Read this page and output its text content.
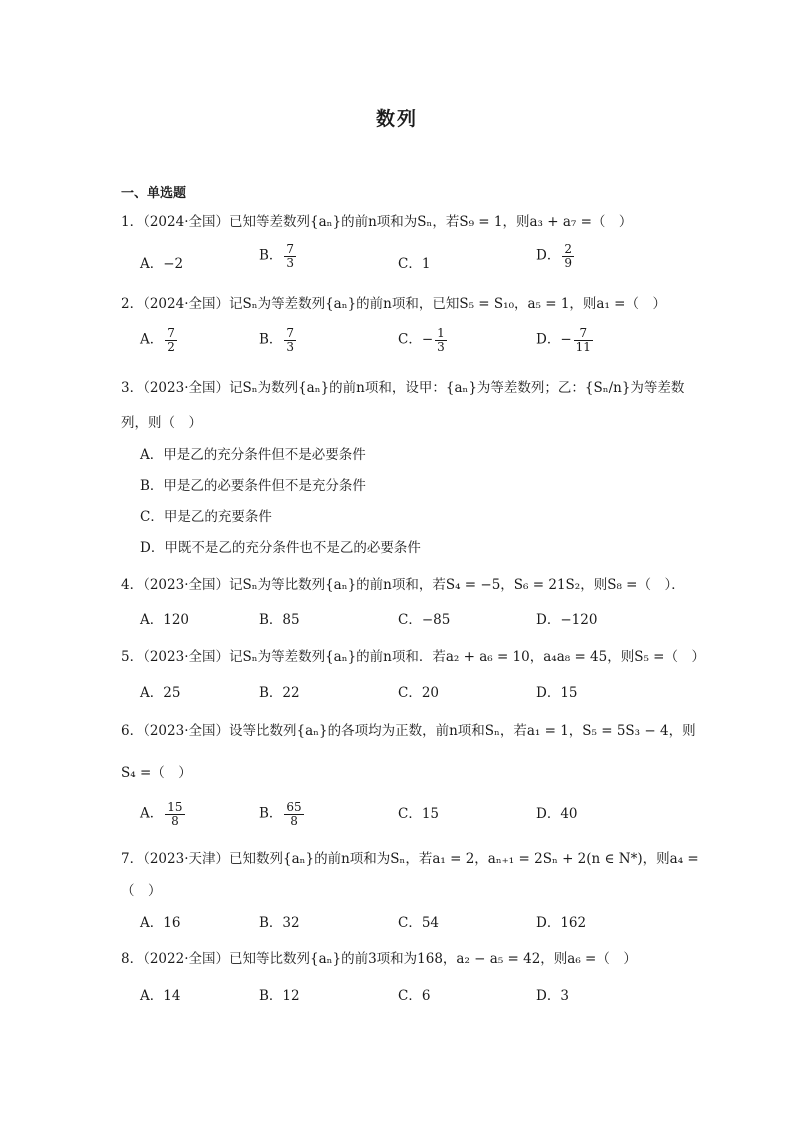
数列
一、单选题
1．（2024·全国）已知等差数列{aₙ}的前n项和为Sₙ，若S₉ = 1，则a₃ + a₇ =（　）
A．−2
B． $\frac{7}{3}$	C．1
D． $\frac{2}{9}$
2．（2024·全国）记Sₙ为等差数列{aₙ}的前n项和，已知S₅ = S₁₀，a₅ = 1，则a₁ =（　）
A． $\frac{7}{2}$	B． $\frac{7}{3}$	C．− $\frac{1}{3}$	D．− $\frac{7}{11}$
3．（2023·全国）记Sₙ为数列{aₙ}的前n项和，设甲：{aₙ}为等差数列；乙：{Sₙ/n}为等差数
列，则（　）
A．甲是乙的充分条件但不是必要条件
B．甲是乙的必要条件但不是充分条件
C．甲是乙的充要条件
D．甲既不是乙的充分条件也不是乙的必要条件
4．（2023·全国）记Sₙ为等比数列{aₙ}的前n项和，若S₄ = −5，S₆ = 21S₂，则S₈ =（　）．
A．120	B．85	C．−85	D．−120
5．（2023·全国）记Sₙ为等差数列{aₙ}的前n项和．若a₂ + a₆ = 10，a₄a₈ = 45，则S₅ =（　）
A．25	B．22	C．20	D．15
6．（2023·全国）设等比数列{aₙ}的各项均为正数，前n项和Sₙ，若a₁ = 1，S₅ = 5S₃ − 4，则
S₄ =（　）
A． $\frac{15}{8}$	B． $\frac{65}{8}$	C．15	D．40
7．（2023·天津）已知数列{aₙ}的前n项和为Sₙ，若a₁ = 2，aₙ₊₁ = 2Sₙ + 2(n ∈ N*)，则a₄ =
（　）
A．16	B．32	C．54	D．162
8．（2022·全国）已知等比数列{aₙ}的前3项和为168，a₂ − a₅ = 42，则a₆ =（　）
A．14	B．12	C．6	D．3
